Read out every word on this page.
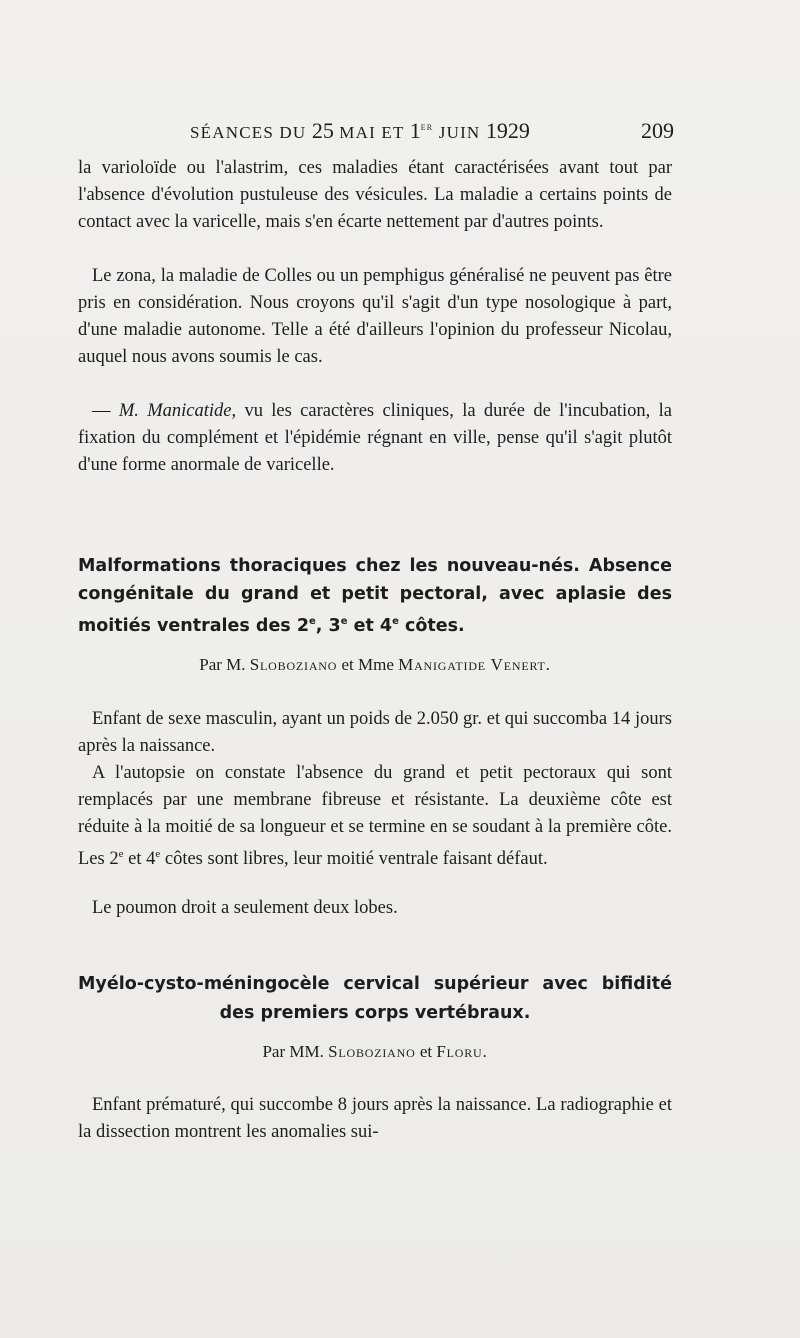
SÉANCES DU 25 MAI ET 1er JUIN 1929	209

la varioloïde ou l'alastrim, ces maladies étant caractérisées avant tout par l'absence d'évolution pustuleuse des vésicules. La maladie a certains points de contact avec la varicelle, mais s'en écarte nettement par d'autres points.

Le zona, la maladie de Colles ou un pemphigus généralisé ne peuvent pas être pris en considération. Nous croyons qu'il s'agit d'un type nosologique à part, d'une maladie autonome. Telle a été d'ailleurs l'opinion du professeur Nicolau, auquel nous avons soumis le cas.

— M. Manicatide, vu les caractères cliniques, la durée de l'incubation, la fixation du complément et l'épidémie régnant en ville, pense qu'il s'agit plutôt d'une forme anormale de varicelle.

Malformations thoraciques chez les nouveau-nés. Absence congénitale du grand et petit pectoral, avec aplasie des moitiés ventrales des 2e, 3e et 4e côtes.

Par M. Slobozianо et Mme Manigatide Venert.

Enfant de sexe masculin, ayant un poids de 2.050 gr. et qui succomba 14 jours après la naissance.

A l'autopsie on constate l'absence du grand et petit pectoraux qui sont remplacés par une membrane fibreuse et résistante. La deuxième côte est réduite à la moitié de sa longueur et se termine en se soudant à la première côte. Les 2e et 4e côtes sont libres, leur moitié ventrale faisant défaut.

Le poumon droit a seulement deux lobes.

Myélo-cysto-méningocèle cervical supérieur avec bifidité
des premiers corps vertébraux.

Par MM. Slobozianо et Floru.

Enfant prématuré, qui succombe 8 jours après la naissance. La radiographie et la dissection montrent les anomalies sui-
